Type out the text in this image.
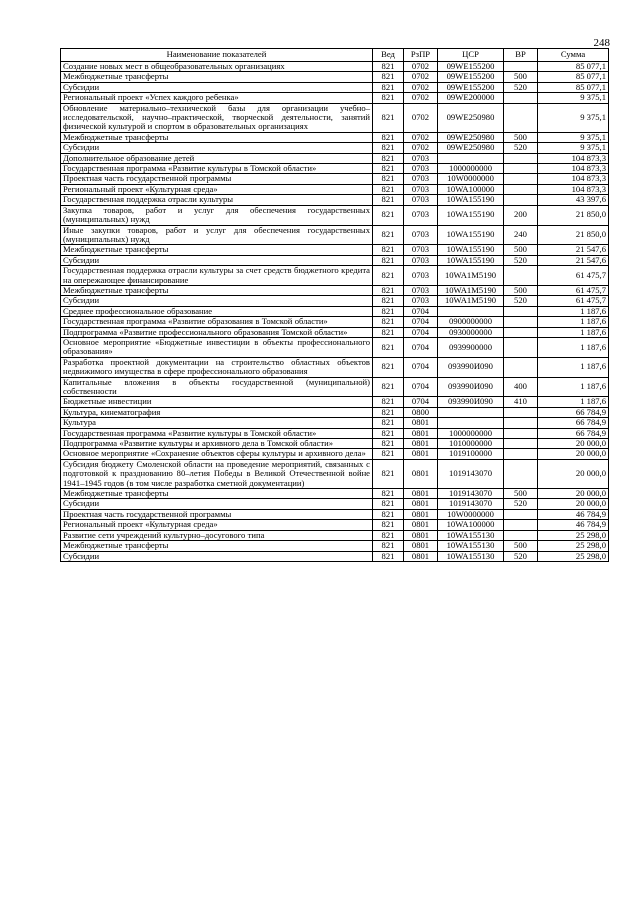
248
Наименование показателей	Вед	РзПР	ЦСР	ВР	Сумма
Создание новых мест в общеобразовательных организациях	821	0702	09WE155200		85 077,1
Межбюджетные трансферты	821	0702	09WE155200	500	85 077,1
Субсидии	821	0702	09WE155200	520	85 077,1
Региональный проект «Успех каждого ребенка»	821	0702	09WE200000		9 375,1
Обновление материально–технической базы для организации учебно–исследовательской, научно–практической, творческой деятельности, занятий физической культурой и спортом в образовательных организациях	821	0702	09WE250980		9 375,1
Межбюджетные трансферты	821	0702	09WE250980	500	9 375,1
Субсидии	821	0702	09WE250980	520	9 375,1
Дополнительное образование детей	821	0703			104 873,3
Государственная программа «Развитие культуры в Томской области»	821	0703	1000000000		104 873,3
Проектная часть государственной программы	821	0703	10W0000000		104 873,3
Региональный проект «Культурная среда»	821	0703	10WA100000		104 873,3
Государственная поддержка отрасли культуры	821	0703	10WA155190		43 397,6
Закупка товаров, работ и услуг для обеспечения государственных (муниципальных) нужд	821	0703	10WA155190	200	21 850,0
Иные закупки товаров, работ и услуг для обеспечения государственных (муниципальных) нужд	821	0703	10WA155190	240	21 850,0
Межбюджетные трансферты	821	0703	10WA155190	500	21 547,6
Субсидии	821	0703	10WA155190	520	21 547,6
Государственная поддержка отрасли культуры за счет средств бюджетного кредита на опережающее финансирование	821	0703	10WA1M5190		61 475,7
Межбюджетные трансферты	821	0703	10WA1M5190	500	61 475,7
Субсидии	821	0703	10WA1M5190	520	61 475,7
Среднее профессиональное образование	821	0704			1 187,6
Государственная программа «Развитие образования в Томской области»	821	0704	0900000000		1 187,6
Подпрограмма «Развитие профессионального образования Томской области»	821	0704	0930000000		1 187,6
Основное мероприятие «Бюджетные инвестиции в объекты профессионального образования»	821	0704	0939900000		1 187,6
Разработка проектной документации на строительство областных объектов недвижимого имущества в сфере профессионального образования	821	0704	093990И090		1 187,6
Капитальные вложения в объекты государственной (муниципальной) собственности	821	0704	093990И090	400	1 187,6
Бюджетные инвестиции	821	0704	093990И090	410	1 187,6
Культура, кинематография	821	0800			66 784,9
Культура	821	0801			66 784,9
Государственная программа «Развитие культуры в Томской области»	821	0801	1000000000		66 784,9
Подпрограмма «Развитие культуры и архивного дела в Томской области»	821	0801	1010000000		20 000,0
Основное мероприятие «Сохранение объектов сферы культуры и архивного дела»	821	0801	1019100000		20 000,0
Субсидия бюджету Смоленской области на проведение мероприятий, связанных с подготовкой к празднованию 80–летия Победы в Великой Отечественной войне 1941–1945 годов (в том числе разработка сметной документации)	821	0801	1019143070		20 000,0
Межбюджетные трансферты	821	0801	1019143070	500	20 000,0
Субсидии	821	0801	1019143070	520	20 000,0
Проектная часть государственной программы	821	0801	10W0000000		46 784,9
Региональный проект «Культурная среда»	821	0801	10WA100000		46 784,9
Развитие сети учреждений культурно–досугового типа	821	0801	10WA155130		25 298,0
Межбюджетные трансферты	821	0801	10WA155130	500	25 298,0
Субсидии	821	0801	10WA155130	520	25 298,0
